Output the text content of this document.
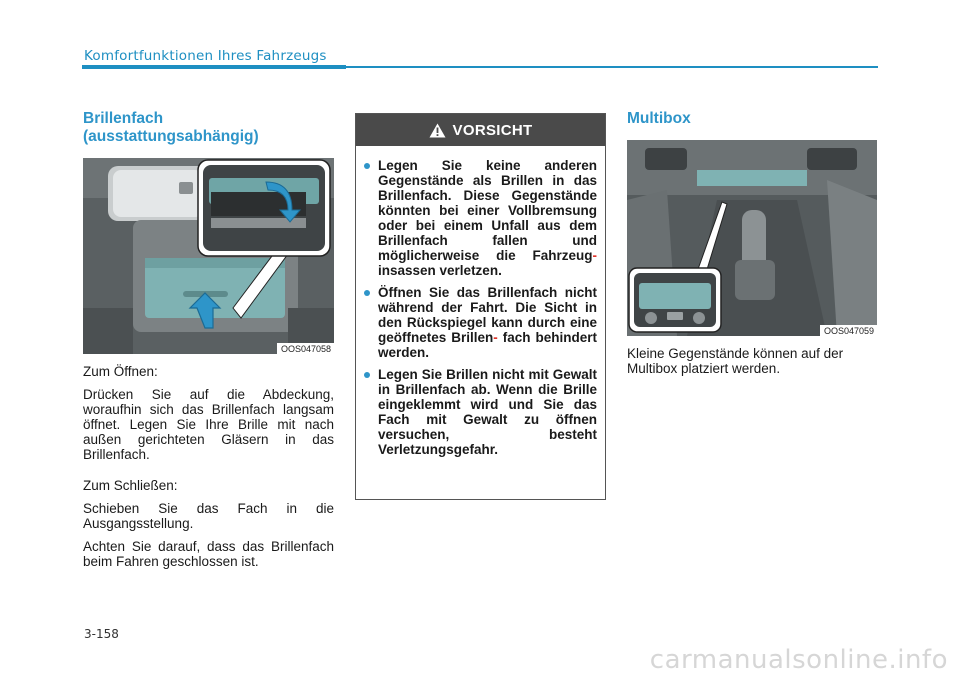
Komfortfunktionen Ihres Fahrzeugs
Brillenfach
(ausstattungsabhängig)
OOS047058
Zum Öffnen:
Drücken Sie auf die Abdeckung, woraufhin sich das Brillenfach langsam öffnet. Legen Sie Ihre Brille mit nach außen gerichteten Gläsern in das Brillenfach.
Zum Schließen:
Schieben Sie das Fach in die Ausgangsstellung.
Achten Sie darauf, dass das Brillenfach beim Fahren geschlossen ist.
VORSICHT
Legen Sie keine anderen Gegenstände als Brillen in das Brillenfach. Diese Gegenstände könnten bei einer Vollbremsung oder bei einem Unfall aus dem Brillenfach fallen und möglicherweise die Fahrzeug- insassen verletzen.
Öffnen Sie das Brillenfach nicht während der Fahrt. Die Sicht in den Rückspiegel kann durch eine geöffnetes Brillen- fach behindert werden.
Legen Sie Brillen nicht mit Gewalt in Brillenfach ab. Wenn die Brille eingeklemmt wird und Sie das Fach mit Gewalt zu öffnen versuchen, besteht Verletzungsgefahr.
Multibox
OOS047059
Kleine Gegenstände können auf der Multibox platziert werden.
3-158
carmanualsonline.info
